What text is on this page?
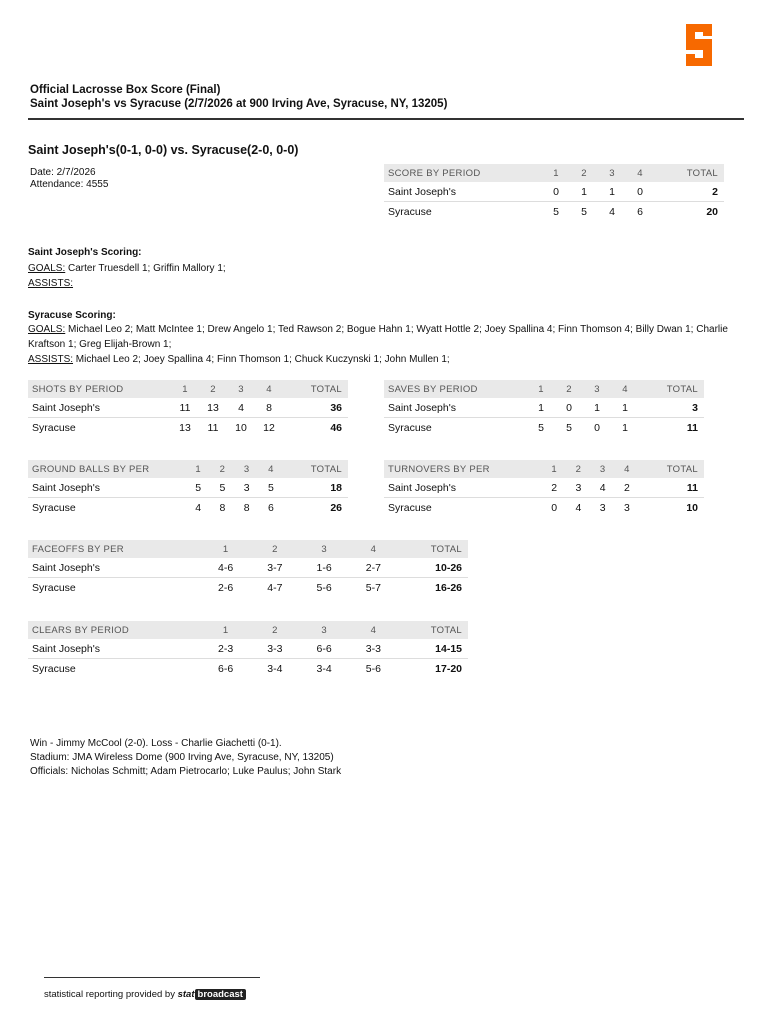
Official Lacrosse Box Score (Final)
Saint Joseph's vs Syracuse (2/7/2026 at 900 Irving Ave, Syracuse, NY, 13205)
Saint Joseph's(0-1, 0-0) vs. Syracuse(2-0, 0-0)
Date: 2/7/2026
Attendance: 4555
SCORE BY PERIOD	1	2	3	4	TOTAL
Saint Joseph's	0	1	1	0	2
Syracuse	5	5	4	6	20
Saint Joseph's Scoring:
GOALS: Carter Truesdell 1; Griffin Mallory 1;
ASSISTS:
Syracuse Scoring:
GOALS: Michael Leo 2; Matt McIntee 1; Drew Angelo 1; Ted Rawson 2; Bogue Hahn 1; Wyatt Hottle 2; Joey Spallina 4; Finn Thomson 4; Billy Dwan 1; Charlie Kraftson 1; Greg Elijah-Brown 1;
ASSISTS: Michael Leo 2; Joey Spallina 4; Finn Thomson 1; Chuck Kuczynski 1; John Mullen 1;
SHOTS BY PERIOD	1	2	3	4	TOTAL
Saint Joseph's	11	13	4	8	36
Syracuse	13	11	10	12	46
SAVES BY PERIOD	1	2	3	4	TOTAL
Saint Joseph's	1	0	1	1	3
Syracuse	5	5	0	1	11
GROUND BALLS BY PER	1	2	3	4	TOTAL
Saint Joseph's	5	5	3	5	18
Syracuse	4	8	8	6	26
TURNOVERS BY PER	1	2	3	4	TOTAL
Saint Joseph's	2	3	4	2	11
Syracuse	0	4	3	3	10
FACEOFFS BY PER	1	2	3	4	TOTAL
Saint Joseph's	4-6	3-7	1-6	2-7	10-26
Syracuse	2-6	4-7	5-6	5-7	16-26
CLEARS BY PERIOD	1	2	3	4	TOTAL
Saint Joseph's	2-3	3-3	6-6	3-3	14-15
Syracuse	6-6	3-4	3-4	5-6	17-20
Win - Jimmy McCool (2-0). Loss - Charlie Giachetti (0-1).
Stadium: JMA Wireless Dome (900 Irving Ave, Syracuse, NY, 13205)
Officials: Nicholas Schmitt; Adam Pietrocarlo; Luke Paulus; John Stark
statistical reporting provided by stat broadcast
